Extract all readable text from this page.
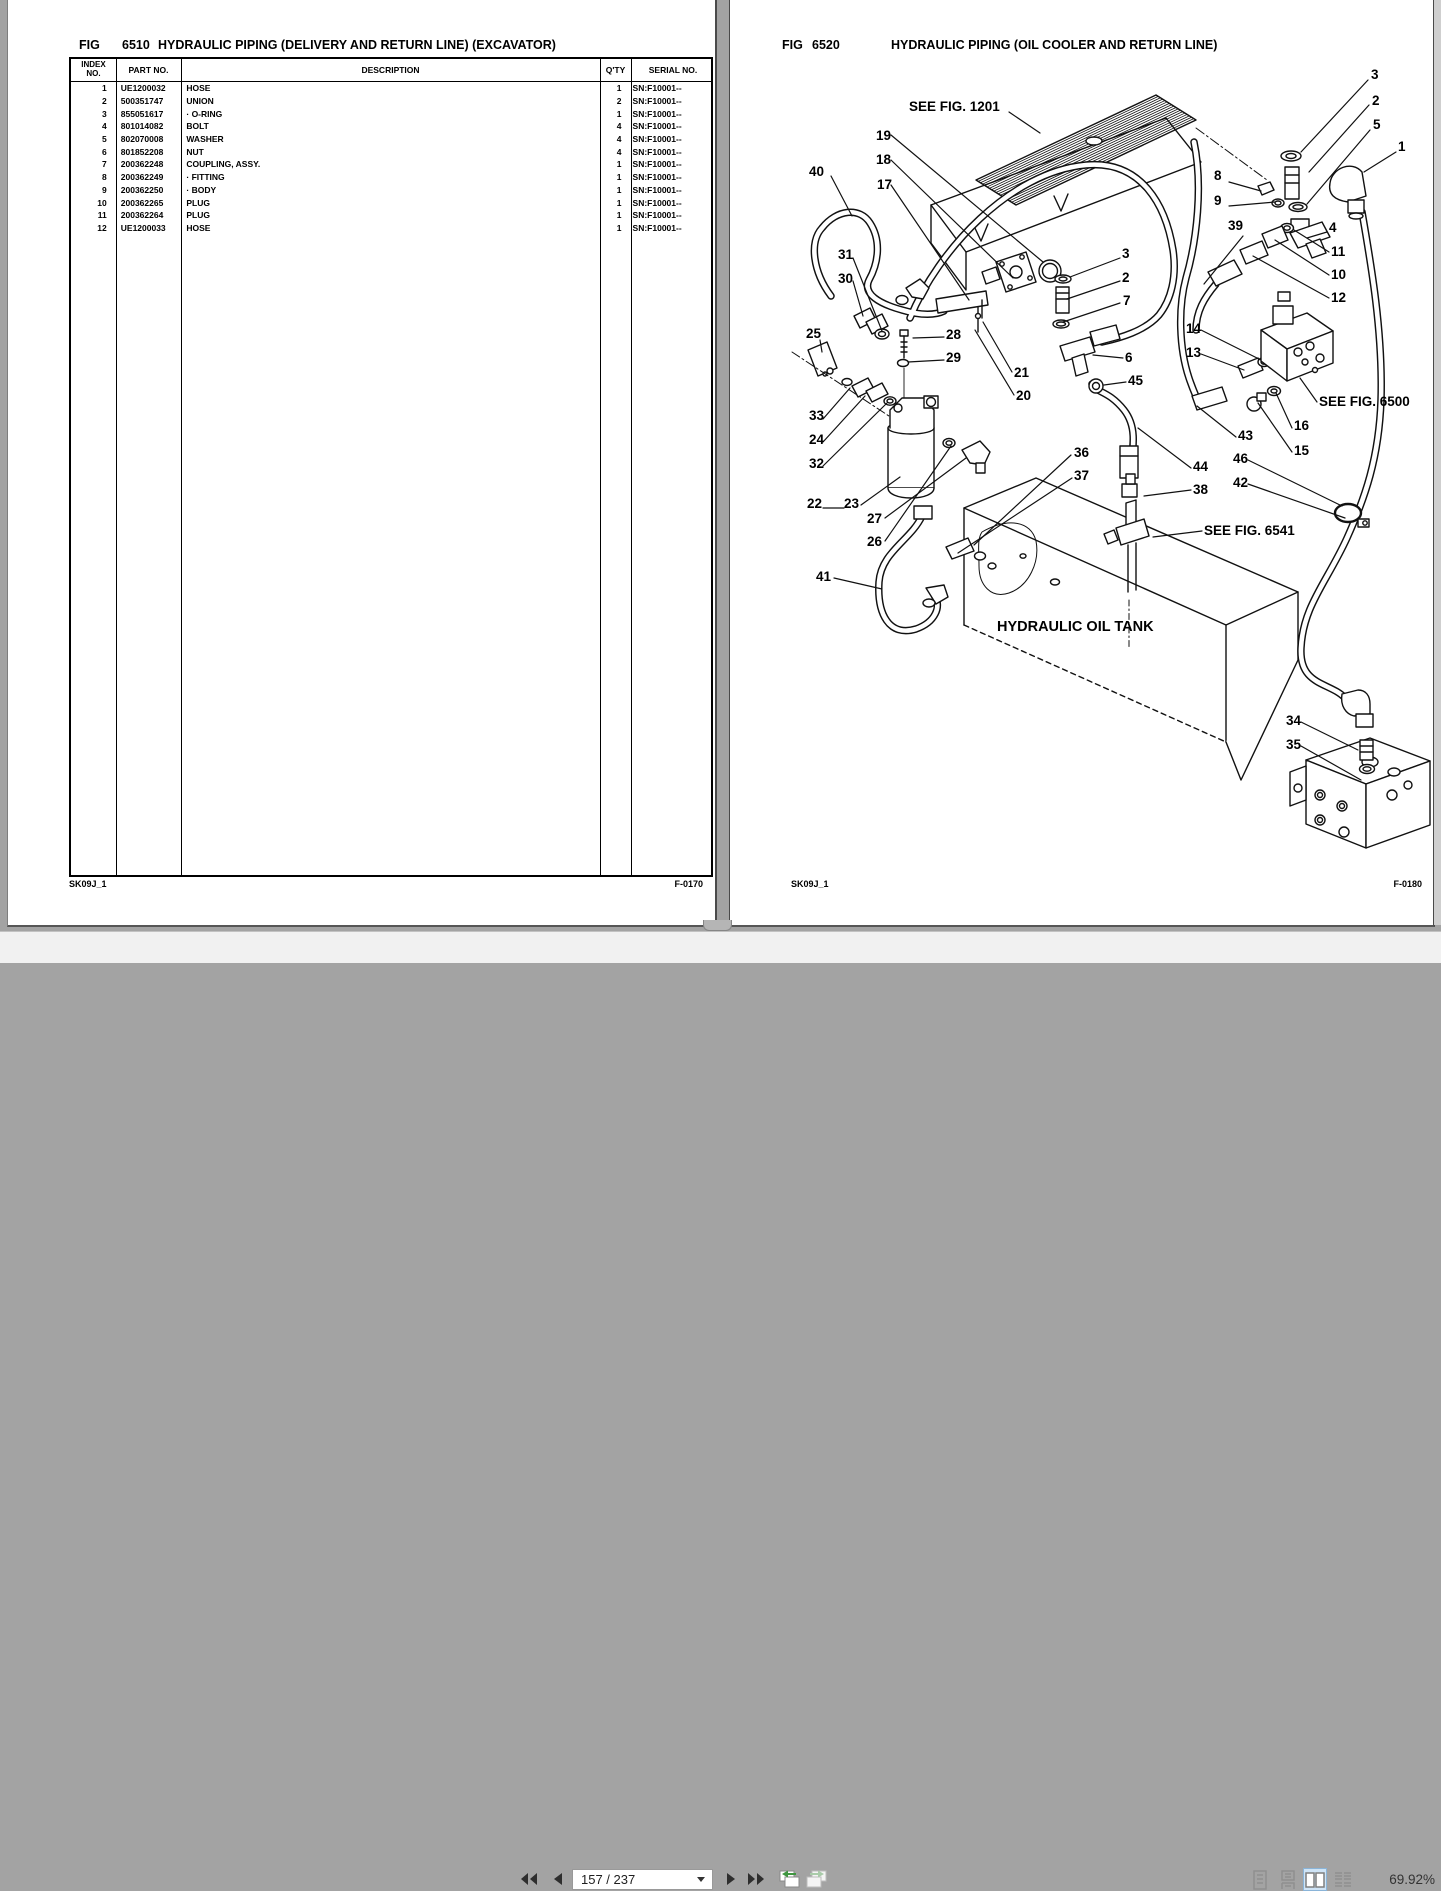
FIG 6510 HYDRAULIC PIPING (DELIVERY AND RETURN LINE) (EXCAVATOR)
INDEX
NO.	PART NO.	DESCRIPTION	Q'TY	SERIAL NO.
1	UE1200032	HOSE	1	SN:F10001--
2	500351747	UNION	2	SN:F10001--
3	855051617	· O-RING	1	SN:F10001--
4	801014082	BOLT	4	SN:F10001--
5	802070008	WASHER	4	SN:F10001--
6	801852208	NUT	4	SN:F10001--
7	200362248	COUPLING, ASSY.	1	SN:F10001--
8	200362249	· FITTING	1	SN:F10001--
9	200362250	· BODY	1	SN:F10001--
10	200362265	PLUG	1	SN:F10001--
11	200362264	PLUG	1	SN:F10001--
12	UE1200033	HOSE	1	SN:F10001--
SK09J_1	F-0170
FIG 6520	HYDRAULIC PIPING (OIL COOLER AND RETURN LINE)
SEE FIG. 1201
19
18
17
40
3
2
5
1
8
9
39	4
11
10
12
31
30
3
2
7
25	28
29
21
20
6
45
14
13
SEE FIG. 6500
16
15
33
24
32
43
44
46
42
22 23
27
26
36
37
38
SEE FIG. 6541
41
HYDRAULIC OIL TANK
34
35
SK09J_1	F-0180
157 / 237	69.92%
